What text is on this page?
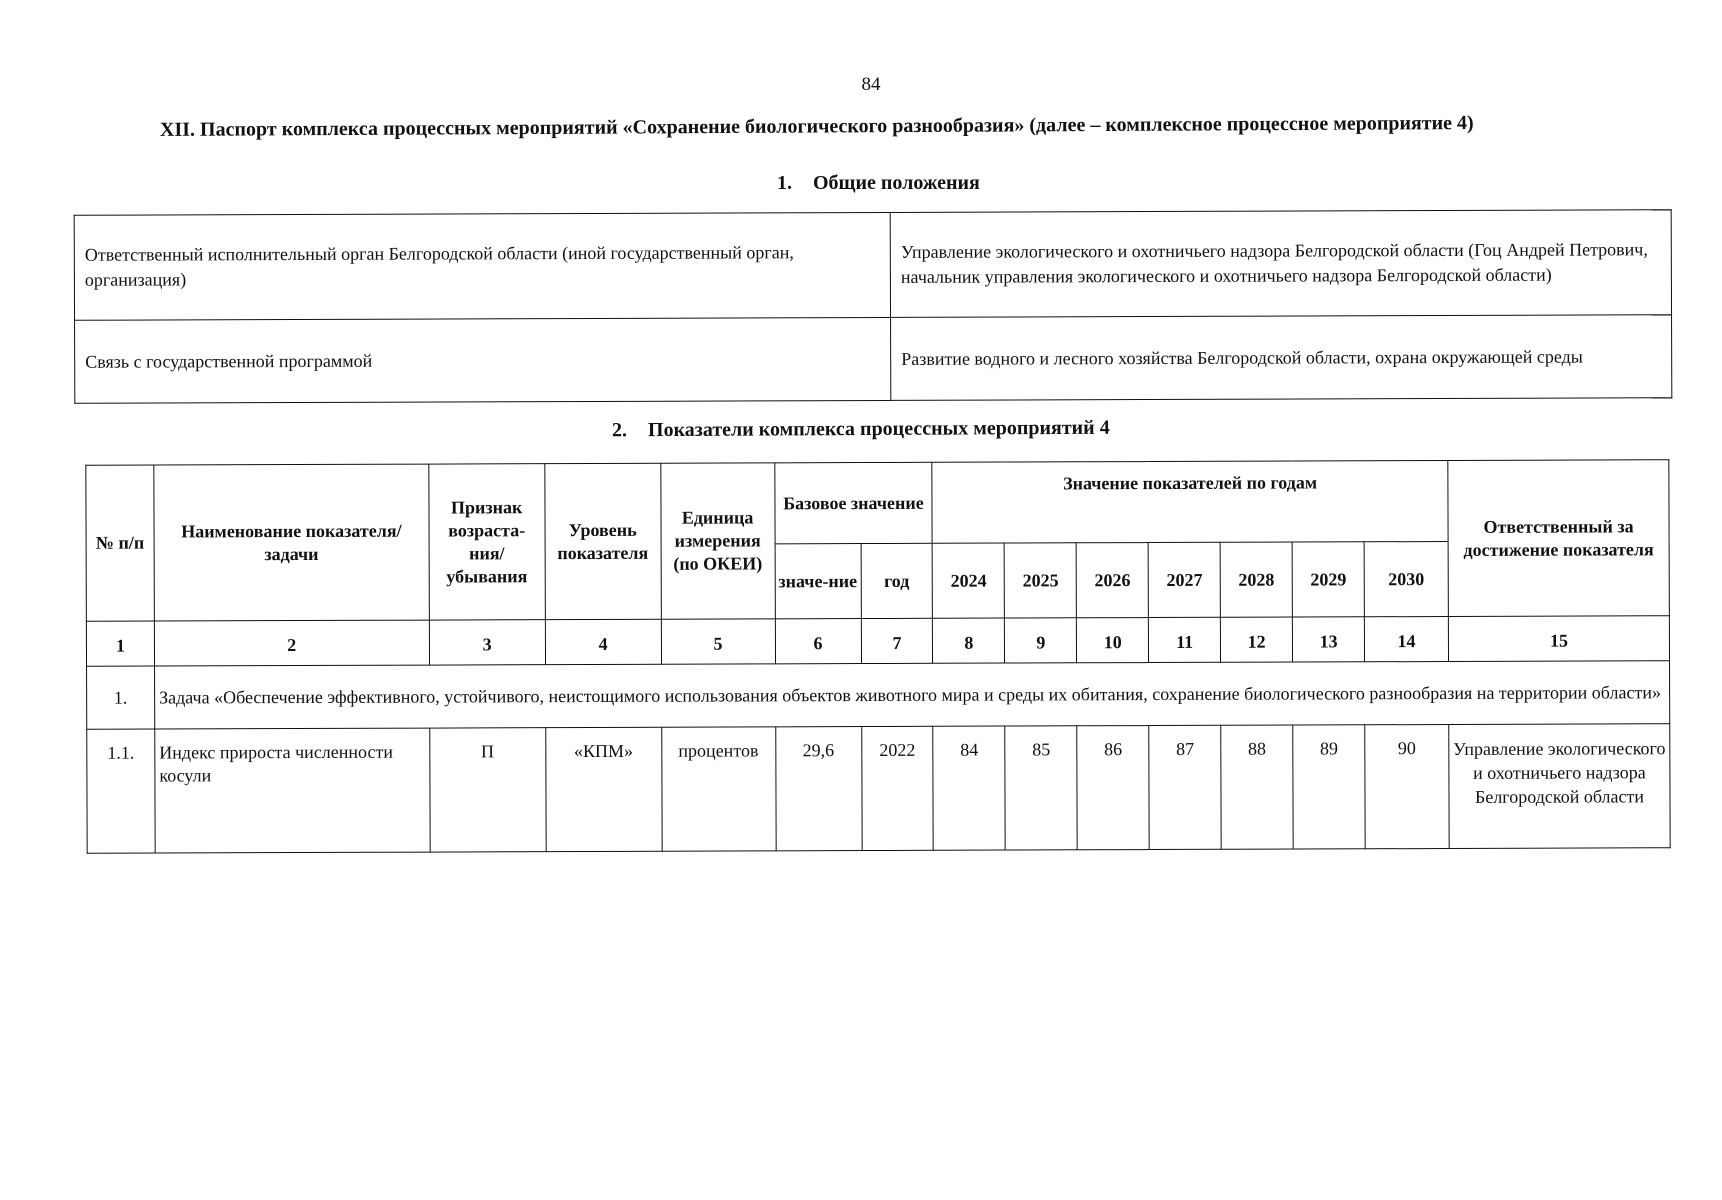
84
XII. Паспорт комплекса процессных мероприятий «Сохранение биологического разнообразия» (далее – комплексное процессное мероприятие 4)
1. Общие положения
Ответственный исполнительный орган Белгородской области (иной государственный орган, организация)	Управление экологического и охотничьего надзора Белгородской области (Гоц Андрей Петрович, начальник управления экологического и охотничьего надзора Белгородской области)
Связь с государственной программой	Развитие водного и лесного хозяйства Белгородской области, охрана окружающей среды
2. Показатели комплекса процессных мероприятий 4
№ п/п	Наименование показателя/задачи	Признак возраста-ния/ убывания	Уровень показателя	Единица измерения (по ОКЕИ)	Базовое значение		Значение показателей по годам							Ответственный за достижение показателя
					значе-ние	год	2024	2025	2026	2027	2028	2029	2030	
1	2	3	4	5	6	7	8	9	10	11	12	13	14	15
1.	Задача «Обеспечение эффективного, устойчивого, неистощимого использования объектов животного мира и среды их обитания, сохранение биологического разнообразия на территории области»													
1.1.	Индекс прироста численности косули	П	«КПМ»	процентов	29,6	2022	84	85	86	87	88	89	90	Управление экологического и охотничьего надзора Белгородской области
